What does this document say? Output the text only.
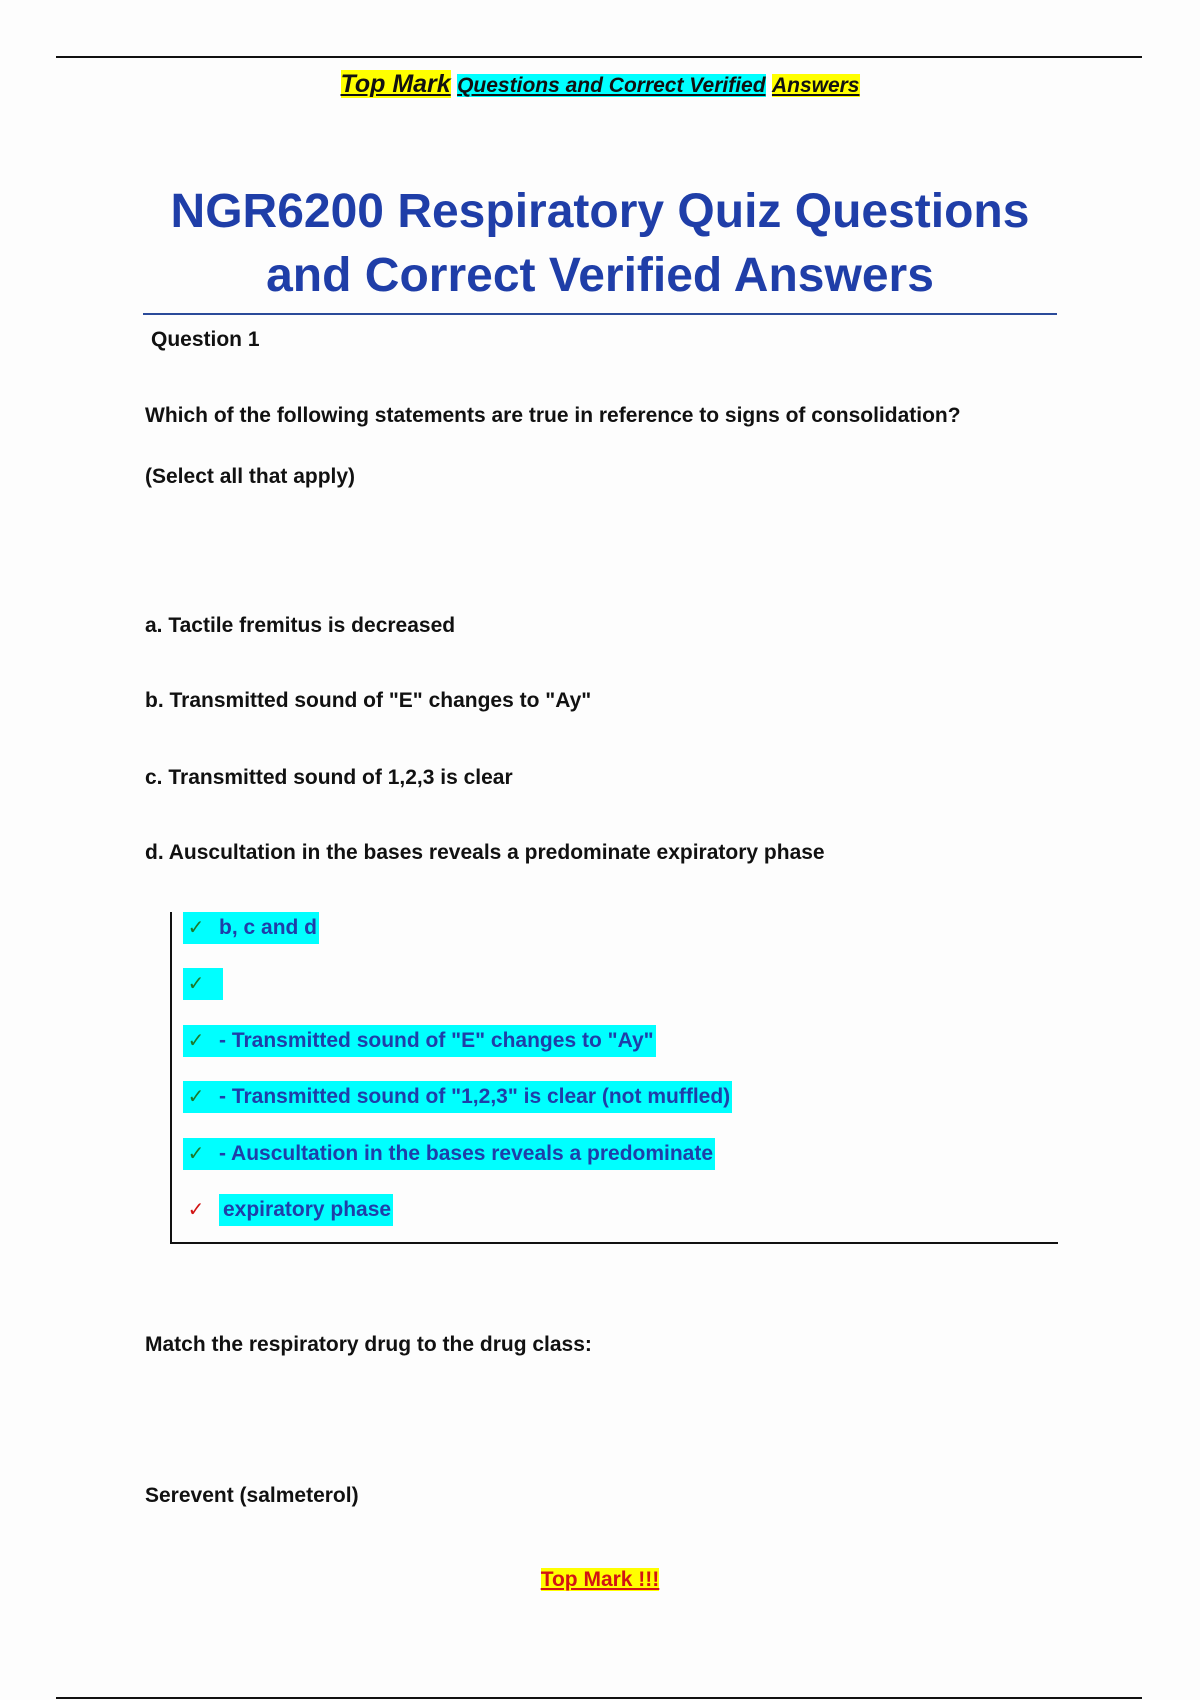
Top Mark Questions and Correct Verified Answers
NGR6200 Respiratory Quiz Questions and Correct Verified Answers
Question 1
Which of the following statements are true in reference to signs of consolidation?
(Select all that apply)
a. Tactile fremitus is decreased
b. Transmitted sound of "E" changes to "Ay"
c. Transmitted sound of 1,2,3 is clear
d. Auscultation in the bases reveals a predominate expiratory phase
✓ b, c and d
✓
✓ - Transmitted sound of "E" changes to "Ay"
✓ - Transmitted sound of "1,2,3" is clear (not muffled)
✓ - Auscultation in the bases reveals a predominate
✓ expiratory phase
Match the respiratory drug to the drug class:
Serevent (salmeterol)
Top Mark !!!
